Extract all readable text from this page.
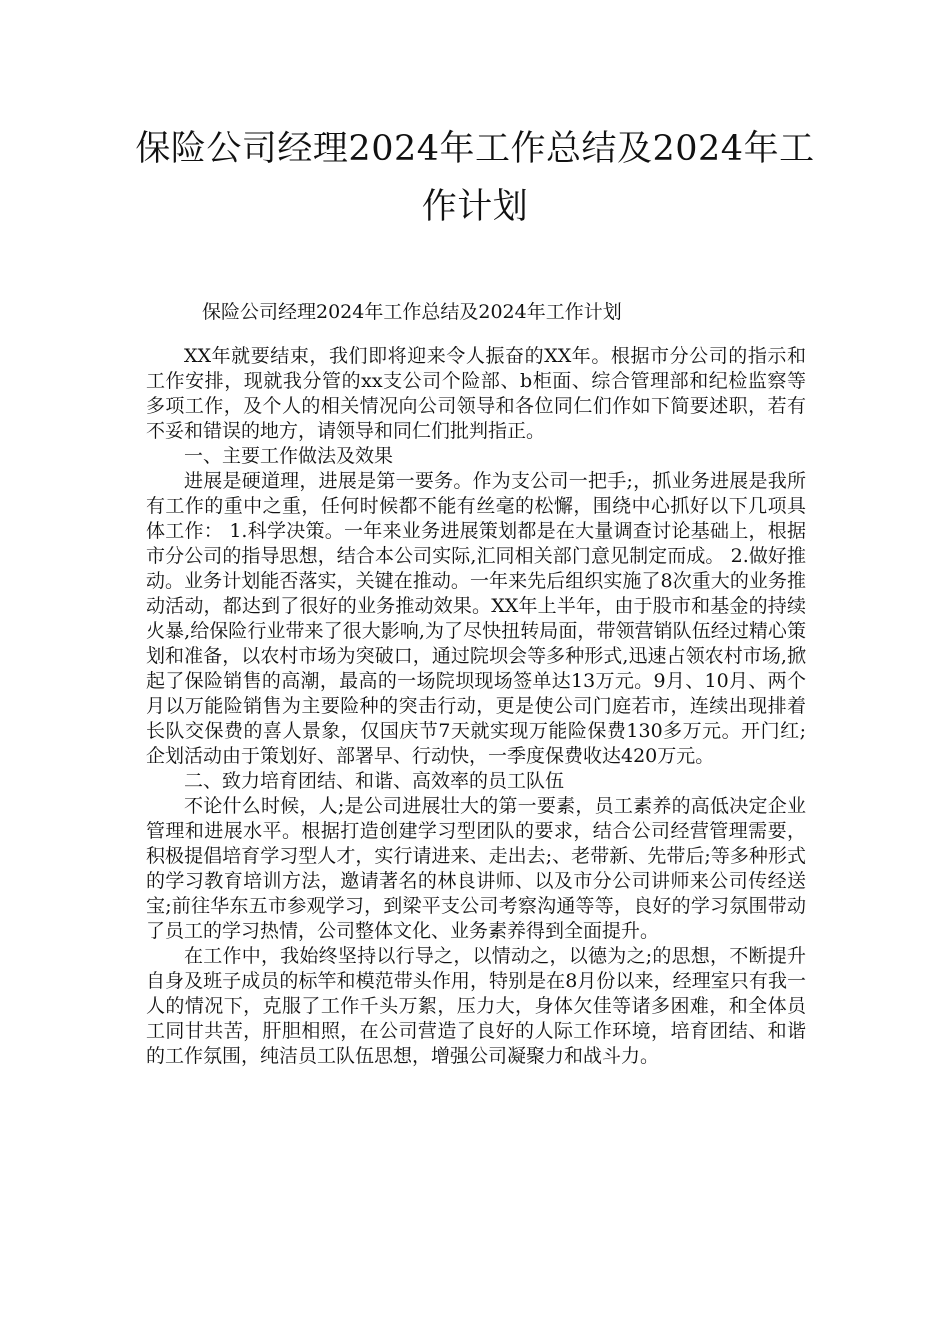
保险公司经理2024年工作总结及2024年工作计划

保险公司经理2024年工作总结及2024年工作计划

XX年就要结束，我们即将迎来令人振奋的XX年。根据市分公司的指示和工作安排，现就我分管的xx支公司个险部、b柜面、综合管理部和纪检监察等多项工作，及个人的相关情况向公司领导和各位同仁们作如下简要述职，若有不妥和错误的地方，请领导和同仁们批判指正。

一、主要工作做法及效果

进展是硬道理，进展是第一要务。作为支公司一把手;，抓业务进展是我所有工作的重中之重，任何时候都不能有丝毫的松懈，围绕中心抓好以下几项具体工作： 1.科学决策。一年来业务进展策划都是在大量调查讨论基础上，根据市分公司的指导思想，结合本公司实际,汇同相关部门意见制定而成。 2.做好推动。业务计划能否落实，关键在推动。一年来先后组织实施了8次重大的业务推动活动，都达到了很好的业务推动效果。XX年上半年，由于股市和基金的持续火暴,给保险行业带来了很大影响,为了尽快扭转局面，带领营销队伍经过精心策划和准备，以农村市场为突破口，通过院坝会等多种形式,迅速占领农村市场,掀起了保险销售的高潮，最高的一场院坝现场签单达13万元。9月、10月、两个月以万能险销售为主要险种的突击行动，更是使公司门庭若市，连续出现排着长队交保费的喜人景象，仅国庆节7天就实现万能险保费130多万元。开门红;企划活动由于策划好、部署早、行动快，一季度保费收达420万元。

二、致力培育团结、和谐、高效率的员工队伍

不论什么时候，人;是公司进展壮大的第一要素，员工素养的高低决定企业管理和进展水平。根据打造创建学习型团队的要求，结合公司经营管理需要，积极提倡培育学习型人才，实行请进来、走出去;、老带新、先带后;等多种形式的学习教育培训方法，邀请著名的林良讲师、以及市分公司讲师来公司传经送宝;前往华东五市参观学习，到梁平支公司考察沟通等等，良好的学习氛围带动了员工的学习热情，公司整体文化、业务素养得到全面提升。

在工作中，我始终坚持以行导之，以情动之，以德为之;的思想，不断提升自身及班子成员的标竿和模范带头作用，特别是在8月份以来，经理室只有我一人的情况下，克服了工作千头万絮，压力大，身体欠佳等诸多困难，和全体员工同甘共苦，肝胆相照，在公司营造了良好的人际工作环境，培育团结、和谐的工作氛围，纯洁员工队伍思想，增强公司凝聚力和战斗力。
